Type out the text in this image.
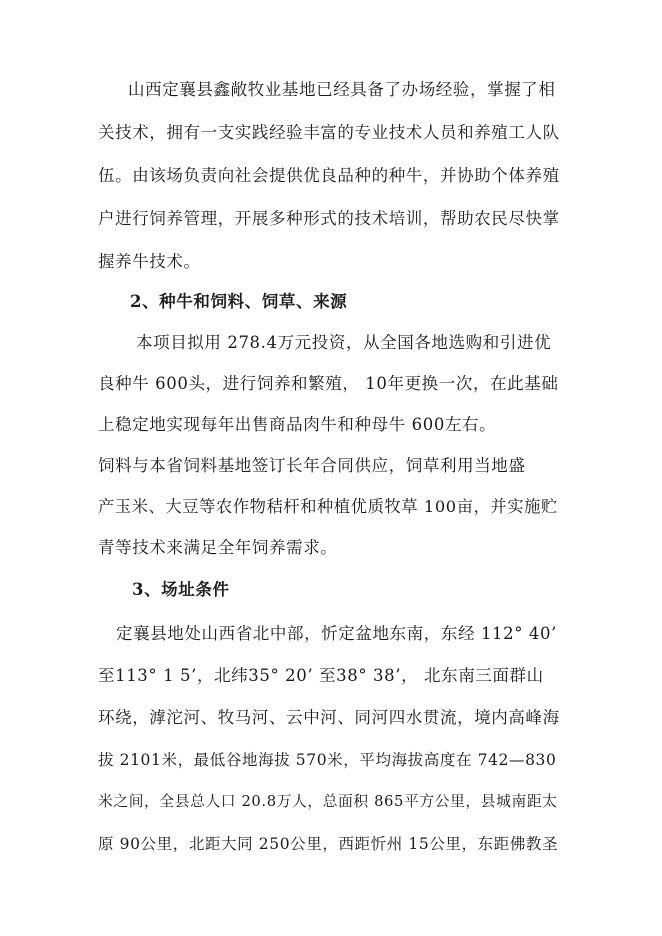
山西定襄县鑫敞牧业基地已经具备了办场经验，掌握了相
关技术，拥有一支实践经验丰富的专业技术人员和养殖工人队
伍。由该场负责向社会提供优良品种的种牛，并协助个体养殖
户进行饲养管理，开展多种形式的技术培训，帮助农民尽快掌
握养牛技术。
2、种牛和饲料、饲草、来源
本项目拟用 278.4万元投资，从全国各地选购和引进优
良种牛 600头，进行饲养和繁殖， 10年更换一次，在此基础
上稳定地实现每年出售商品肉牛和种母牛 600左右。
饲料与本省饲料基地签订长年合同供应，饲草利用当地盛
产玉米、大豆等农作物秸杆和种植优质牧草 100亩，并实施贮
青等技术来满足全年饲养需求。
3、场址条件
定襄县地处山西省北中部，忻定盆地东南，东经 112° 40’
至113° 1 5’，北纬35° 20’ 至38° 38’， 北东南三面群山
环绕，滹沱河、牧马河、云中河、同河四水贯流，境内高峰海
拔 2101米，最低谷地海拔 570米，平均海拔高度在 742—830
米之间，全县总人口 20.8万人，总面积 865平方公里，县城南距太
原 90公里，北距大同 250公里，西距忻州 15公里，东距佛教圣
